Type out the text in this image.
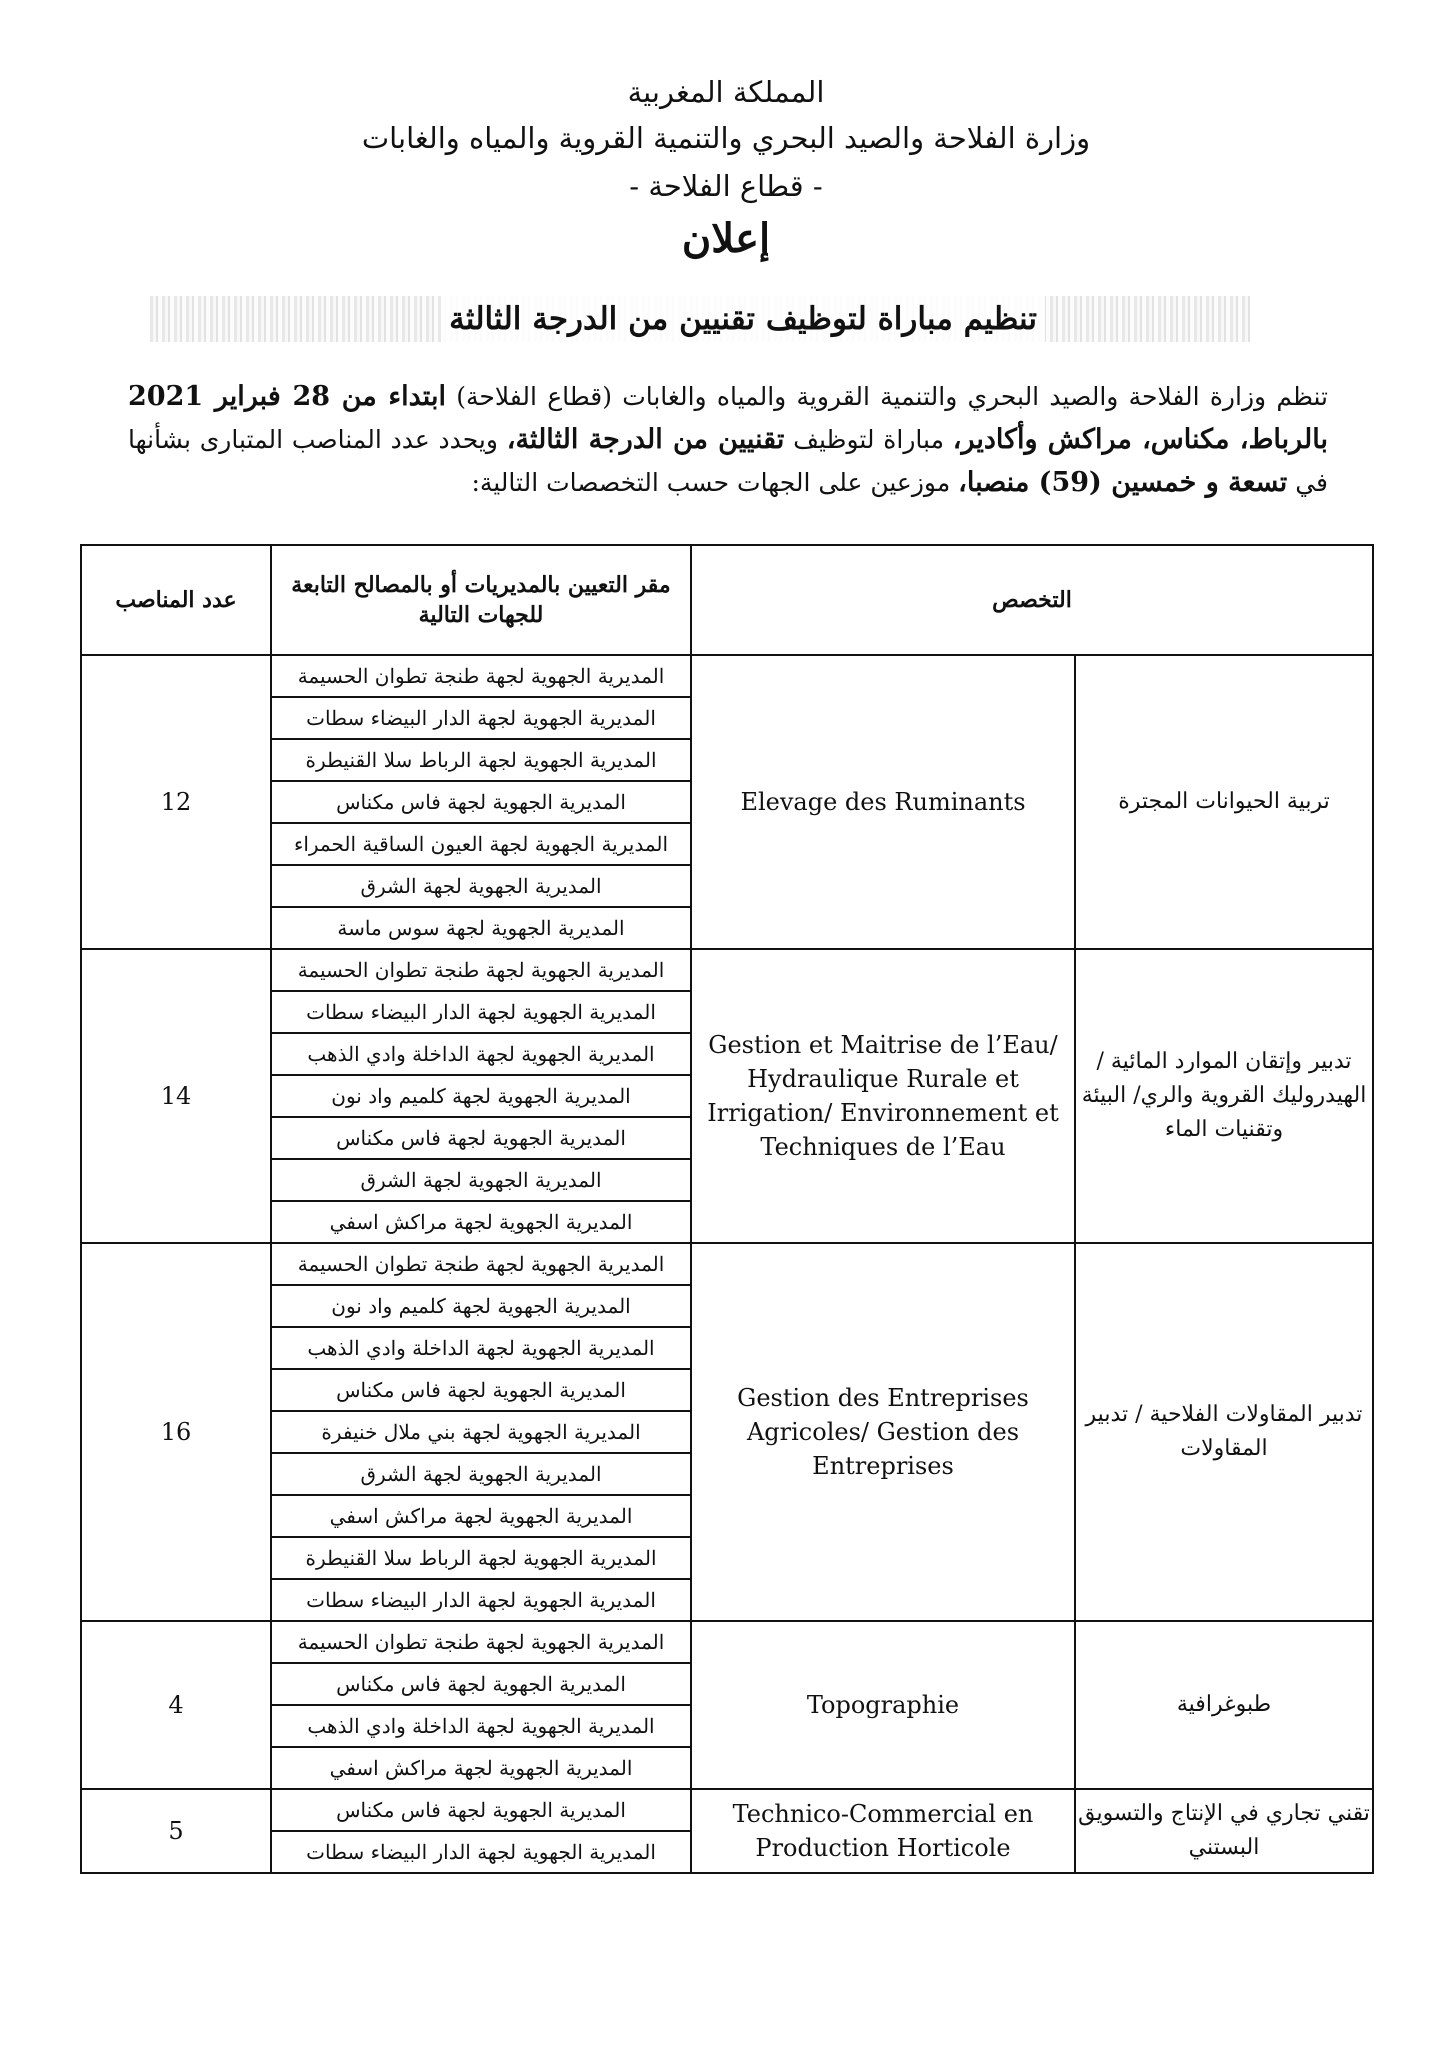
المملكة المغربية
وزارة الفلاحة والصيد البحري والتنمية القروية والمياه والغابات
- قطاع الفلاحة -
إعلان
تنظيم مباراة لتوظيف تقنيين من الدرجة الثالثة
تنظم وزارة الفلاحة والصيد البحري والتنمية القروية والمياه والغابات (قطاع الفلاحة) ابتداء من 28 فبراير 2021 بالرباط، مكناس، مراكش وأكادير، مباراة لتوظيف تقنيين من الدرجة الثالثة، ويحدد عدد المناصب المتبارى بشأنها في تسعة و خمسين (59) منصبا، موزعين على الجهات حسب التخصصات التالية:
عدد المناصب	مقر التعيين بالمديريات أو بالمصالح التابعة للجهات التالية	التخصص	
12	المديرية الجهوية لجهة طنجة تطوان الحسيمة	Elevage des Ruminants	تربية الحيوانات المجترة
	المديرية الجهوية لجهة الدار البيضاء سطات		
	المديرية الجهوية لجهة الرباط سلا القنيطرة		
	المديرية الجهوية لجهة فاس مكناس		
	المديرية الجهوية لجهة العيون الساقية الحمراء		
	المديرية الجهوية لجهة الشرق		
	المديرية الجهوية لجهة سوس ماسة		
14	المديرية الجهوية لجهة طنجة تطوان الحسيمة	Gestion et Maitrise de l’Eau/ Hydraulique Rurale et Irrigation/ Environnement et Techniques de l’Eau	تدبير وإتقان الموارد المائية / الهيدروليك القروية والري/ البيئة وتقنيات الماء
	المديرية الجهوية لجهة الدار البيضاء سطات		
	المديرية الجهوية لجهة الداخلة وادي الذهب		
	المديرية الجهوية لجهة كلميم واد نون		
	المديرية الجهوية لجهة فاس مكناس		
	المديرية الجهوية لجهة الشرق		
	المديرية الجهوية لجهة مراكش اسفي		
16	المديرية الجهوية لجهة طنجة تطوان الحسيمة	Gestion des Entreprises Agricoles/ Gestion des Entreprises	تدبير المقاولات الفلاحية / تدبير المقاولات
	المديرية الجهوية لجهة كلميم واد نون		
	المديرية الجهوية لجهة الداخلة وادي الذهب		
	المديرية الجهوية لجهة فاس مكناس		
	المديرية الجهوية لجهة بني ملال خنيفرة		
	المديرية الجهوية لجهة الشرق		
	المديرية الجهوية لجهة مراكش اسفي		
	المديرية الجهوية لجهة الرباط سلا القنيطرة		
	المديرية الجهوية لجهة الدار البيضاء سطات		
4	المديرية الجهوية لجهة طنجة تطوان الحسيمة	Topographie	طبوغرافية
	المديرية الجهوية لجهة فاس مكناس		
	المديرية الجهوية لجهة الداخلة وادي الذهب		
	المديرية الجهوية لجهة مراكش اسفي		
5	المديرية الجهوية لجهة فاس مكناس	Technico-Commercial en Production Horticole	تقني تجاري في الإنتاج والتسويق البستني
	المديرية الجهوية لجهة الدار البيضاء سطات		
